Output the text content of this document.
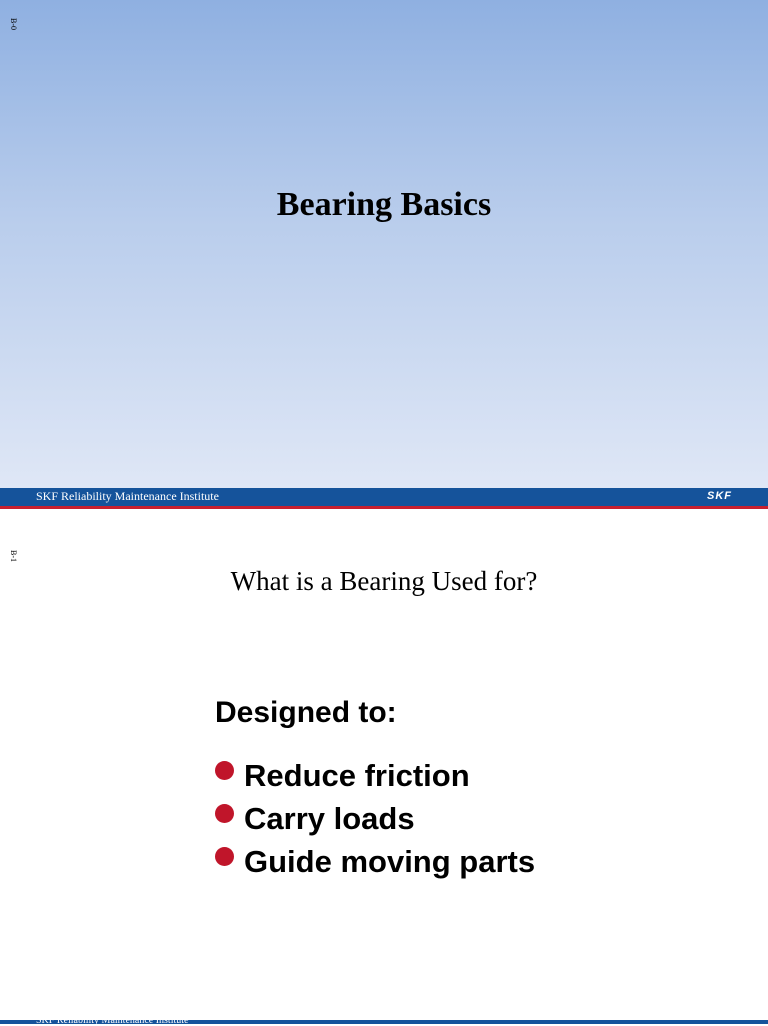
B-0
Bearing Basics
SKF Reliability Maintenance Institute	SKF
B-1
What is a Bearing Used for?
Designed to:
Reduce friction
Carry loads
Guide moving parts
SKF Reliability Maintenance Institute
